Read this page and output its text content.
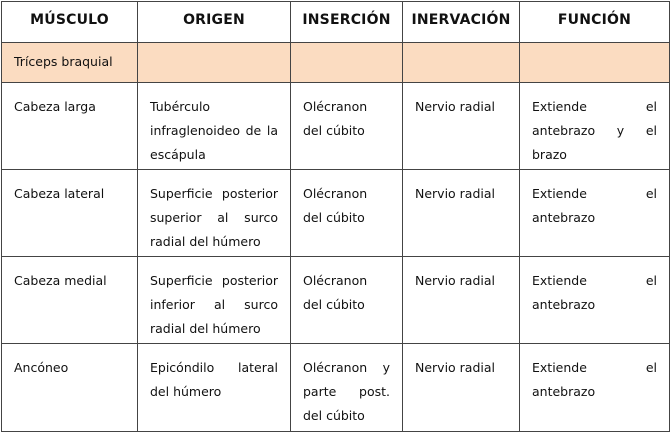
MÚSCULO	ORIGEN	INSERCIÓN	INERVACIÓN	FUNCIÓN
Tríceps braquial				
Cabeza larga	Tubérculo infraglenoideo de la escápula	Olécranon del cúbito	Nervio radial	Extiende el antebrazo y el brazo
Cabeza lateral	Superficie posterior superior al surco radial del húmero	Olécranon del cúbito	Nervio radial	Extiende el antebrazo
Cabeza medial	Superficie posterior inferior al surco radial del húmero	Olécranon del cúbito	Nervio radial	Extiende el antebrazo
Ancóneo	Epicóndilo lateral del húmero	Olécranon y parte post. del cúbito	Nervio radial	Extiende el antebrazo
